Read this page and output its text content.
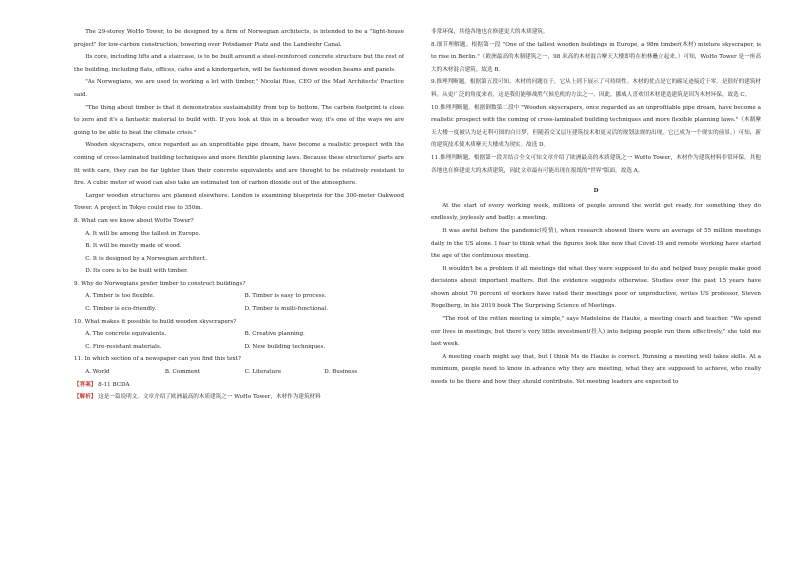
The 29-storey WoHo Tower, to be designed by a firm of Norwegian architects, is intended to be a "light-house project" for low-carbon construction, towering over Potsdamer Platz and the Landwehr Canal.

Its core, including lifts and a staircase, is to be built around a steel-reinforced concrete structure but the rest of the building, including flats, offices, cafes and a kindergarten, will be fashioned down wooden beams and panels.

"As Norwegians, we are used to working a lot with timber," Nicolai Rise, CEO of the Mad Architects' Practice said.

"The thing about timber is that it demonstrates sustainability from top to bottom. The carbon footprint is close to zero and it's a fantastic material to build with. If you look at this in a broader way, it's one of the ways we are going to be able to beat the climate crisis."

Wooden skyscrapers, once regarded as an unprofitable pipe dream, have become a realistic prospect with the coming of cross-laminated building techniques and more flexible planning laws. Because these structures' parts are fit with care, they can be far lighter than their concrete equivalents and are thought to be relatively resistant to fire. A cubic meter of wood can also take an estimated ton of carbon dioxide out of the atmosphere.

Larger wooden structures are planned elsewhere. London is examining blueprints for the 300-meter Oakwood Tower. A project in Tokyo could rise to 350m.

8. What can we know about WoHo Tower?

A. It will be among the tallest in Europe.

B. It will be mostly made of wood.

C. It is designed by a Norwegian architect.

D. Its core is to be built with timber.

9. Why do Norwegians prefer timber to construct buildings?

A. Timber is too flexible.	B. Timber is easy to process.
C. Timber is eco-friendly.	D. Timber is multi-functional.

10. What makes it possible to build wooden skyscrapers?

A. The concrete equivalents.	B. Creative planning.
C. Fire-resistant materials.	D. New building techniques.

11. In which section of a newspaper can you find this text?

A. World	B. Comment	C. Literature	D. Business

【答案】 8-11 BCDA

【解析】 这是一篇说明文。文章介绍了欧洲最高的木质建筑之一 WoHo Tower，木材作为建筑材料

非常环保，其他各地也在修建更大的木质建筑。

8.细节理解题。根据第一段 "One of the tallest wooden buildings in Europe, a 98m timber(木材) mixture skyscraper, is to rise in Berlin."（欧洲最高的木制建筑之一，98 米高的木材混合摩天大楼即将在柏林矗立起来。）可知，WoHo Tower 是一座高大的木材混合建筑。故选 B。

9.推理判断题。根据第五段可知，木材的问题在于，它从上到下展示了可持续性。木材的优点是它的碳足迹接近于零，是很好的建筑材料。从更广泛的角度来看，这是我们能够战胜气候危机的方法之一。因此，挪威人喜欢用木材建造建筑是因为木材环保。故选 C。

10.推理判断题。根据倒数第二段中 "Wooden skyscrapers, once regarded as an unprofitable pipe dream, have become a realistic prospect with the coming of cross-laminated building techniques and more flexible planning laws."（木制摩天大楼一度被认为是无利可图的白日梦，但随着交叉层压建筑技术和更灵活的规划法规的出现，它已成为一个现实的前景。）可知，新的建筑技术使木质摩天大楼成为现实。故选 D。

11.推理判断题。根据第一段并结合全文可知文章介绍了欧洲最高的木质建筑之一 WoHo Tower，木材作为建筑材料非常环保，其他各地也在修建更大的木质建筑，因此文章最有可能出现在报纸的"世界"版面。故选 A。

D

At the start of every working week, millions of people around the world get ready for something they do endlessly, joylessly and badly: a meeting.

It was awful before the pandemic(疫情), when research showed there were an average of 55 million meetings daily in the US alone. I fear to think what the figures look like now that Covid-19 and remote working have started the age of the continuous meeting.

It wouldn't be a problem if all meetings did what they were supposed to do and helped busy people make good decisions about important matters. But the evidence suggests otherwise. Studies over the past 15 years have shown about 70 percent of workers have rated their meetings poor or unproductive, writes US professor, Steven Rogelberg, in his 2019 book The Surprising Science of Meetings.

"The root of the rotten meeting is simple," says Madeleine de Hauke, a meeting coach and teacher. "We spend our lives in meetings, but there's very little investment(投入) into helping people run them effectively," she told me last week.

A meeting coach might say that, but I think Ms de Hauke is correct. Running a meeting well takes skills. At a minimum, people need to know in advance why they are meeting, what they are supposed to achieve, who really needs to be there and how they should contribute. Yet meeting leaders are expected to
